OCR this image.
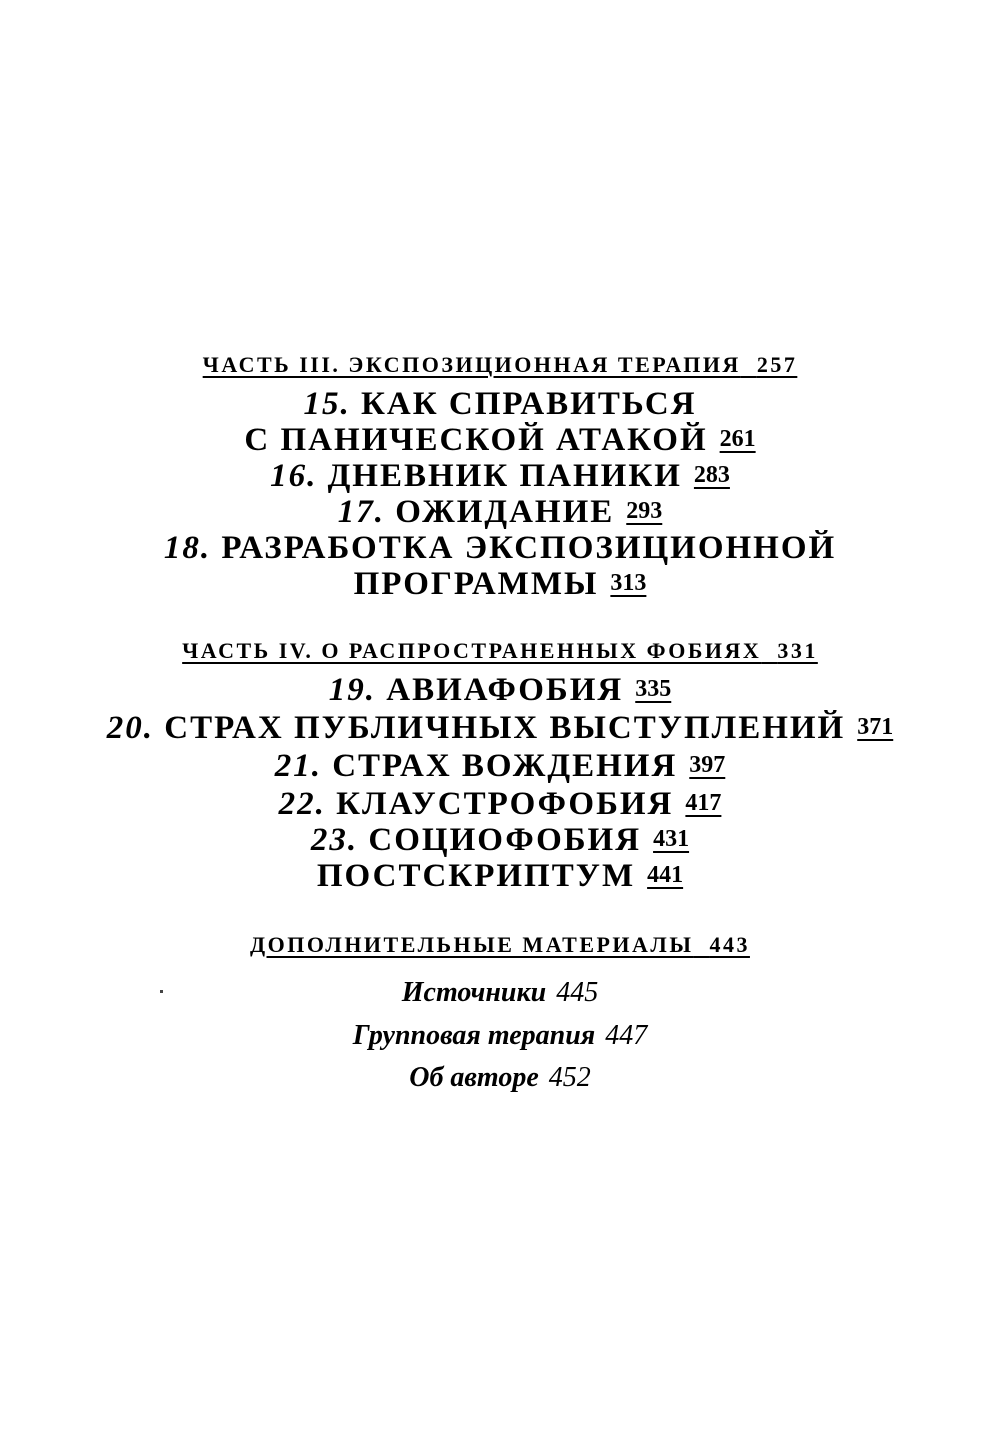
ЧАСТЬ III. ЭКСПОЗИЦИОННАЯ ТЕРАПИЯ 257
15. КАК СПРАВИТЬСЯ
С ПАНИЧЕСКОЙ АТАКОЙ 261
16. ДНЕВНИК ПАНИКИ 283
17. ОЖИДАНИЕ 293
18. РАЗРАБОТКА ЭКСПОЗИЦИОННОЙ
ПРОГРАММЫ 313
ЧАСТЬ IV. О РАСПРОСТРАНЕННЫХ ФОБИЯХ 331
19. АВИАФОБИЯ 335
20. СТРАХ ПУБЛИЧНЫХ ВЫСТУПЛЕНИЙ 371
21. СТРАХ ВОЖДЕНИЯ 397
22. КЛАУСТРОФОБИЯ 417
23. СОЦИОФОБИЯ 431
ПОСТСКРИПТУМ 441
ДОПОЛНИТЕЛЬНЫЕ МАТЕРИАЛЫ 443
Источники 445
Групповая терапия 447
Об авторе 452
